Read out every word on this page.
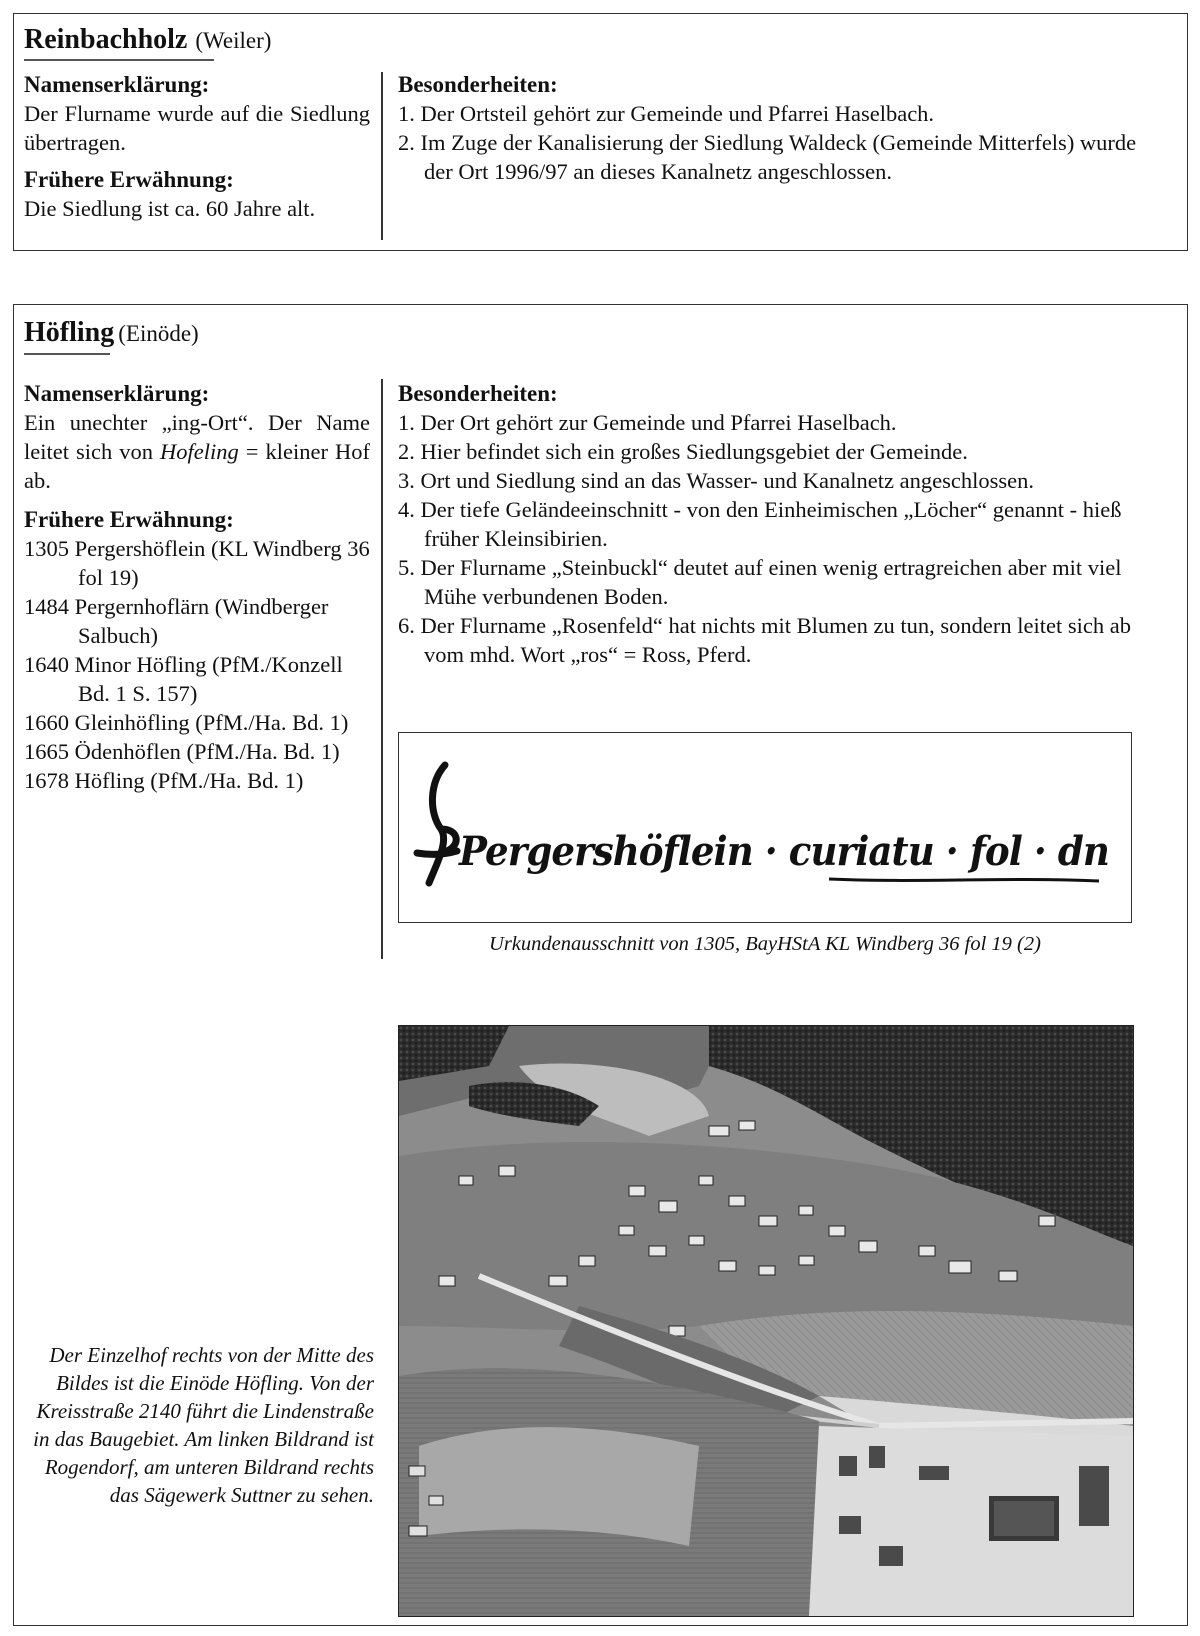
Reinbachholz (Weiler)
Namenserklärung:
Der Flurname wurde auf die Siedlung übertragen.
Frühere Erwähnung:
Die Siedlung ist ca. 60 Jahre alt.
Besonderheiten:
1. Der Ortsteil gehört zur Gemeinde und Pfarrei Haselbach.
2. Im Zuge der Kanalisierung der Siedlung Waldeck (Gemeinde Mitterfels) wurde der Ort 1996/97 an dieses Kanalnetz angeschlossen.
Höfling (Einöde)
Namenserklärung:
Ein unechter „ing-Ort“. Der Name leitet sich von Hofeling = kleiner Hof ab.
Frühere Erwähnung:
1305 Pergershöflein (KL Windberg 36 fol 19)
1484 Pergernhoflärn (Windberger Salbuch)
1640 Minor Höfling (PfM./Konzell Bd. 1 S. 157)
1660 Gleinhöfling (PfM./Ha. Bd. 1)
1665 Ödenhöflen (PfM./Ha. Bd. 1)
1678 Höfling (PfM./Ha. Bd. 1)
Besonderheiten:
1. Der Ort gehört zur Gemeinde und Pfarrei Haselbach.
2. Hier befindet sich ein großes Siedlungsgebiet der Gemeinde.
3. Ort und Siedlung sind an das Wasser- und Kanalnetz angeschlossen.
4. Der tiefe Geländeeinschnitt - von den Einheimischen „Löcher“ genannt - hieß früher Kleinsibirien.
5. Der Flurname „Steinbuckl“ deutet auf einen wenig ertragreichen aber mit viel Mühe verbundenen Boden.
6. Der Flurname „Rosenfeld“ hat nichts mit Blumen zu tun, sondern leitet sich ab vom mhd. Wort „ros“ = Ross, Pferd.
Pergershöflein · curiatu · fol · dn
Urkundenausschnitt von 1305, BayHStA KL Windberg 36 fol 19 (2)
Der Einzelhof rechts von der Mitte des Bildes ist die Einöde Höfling. Von der Kreisstraße 2140 führt die Lindenstraße in das Baugebiet. Am linken Bildrand ist Rogendorf, am unteren Bildrand rechts das Sägewerk Suttner zu sehen.
